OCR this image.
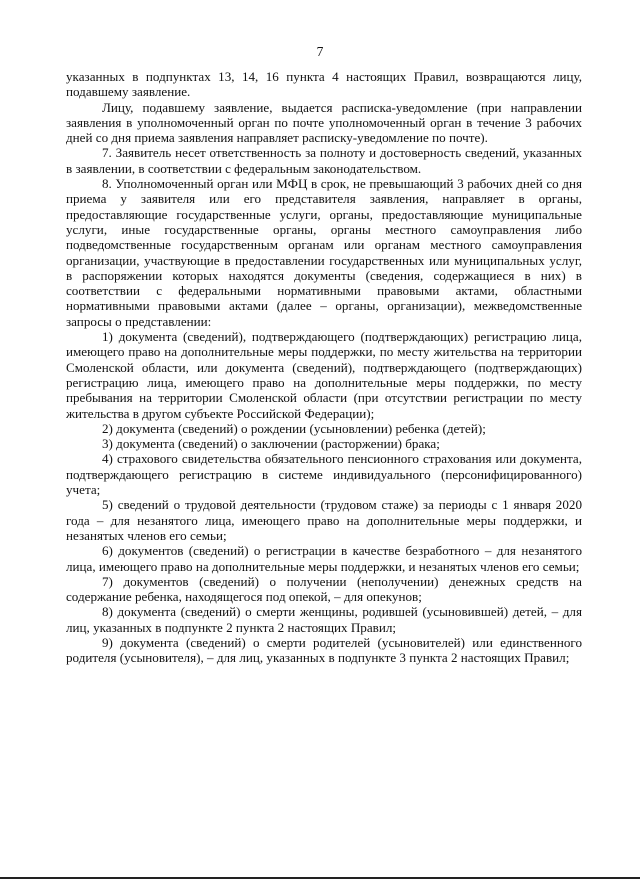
7

указанных в подпунктах 13, 14, 16 пункта 4 настоящих Правил, возвращаются лицу, подавшему заявление.

Лицу, подавшему заявление, выдается расписка-уведомление (при направлении заявления в уполномоченный орган по почте уполномоченный орган в течение 3 рабочих дней со дня приема заявления направляет расписку-уведомление по почте).

7. Заявитель несет ответственность за полноту и достоверность сведений, указанных в заявлении, в соответствии с федеральным законодательством.

8. Уполномоченный орган или МФЦ в срок, не превышающий 3 рабочих дней со дня приема у заявителя или его представителя заявления, направляет в органы, предоставляющие государственные услуги, органы, предоставляющие муниципальные услуги, иные государственные органы, органы местного самоуправления либо подведомственные государственным органам или органам местного самоуправления организации, участвующие в предоставлении государственных или муниципальных услуг, в распоряжении которых находятся документы (сведения, содержащиеся в них) в соответствии с федеральными нормативными правовыми актами, областными нормативными правовыми актами (далее – органы, организации), межведомственные запросы о представлении:

1) документа (сведений), подтверждающего (подтверждающих) регистрацию лица, имеющего право на дополнительные меры поддержки, по месту жительства на территории Смоленской области, или документа (сведений), подтверждающего (подтверждающих) регистрацию лица, имеющего право на дополнительные меры поддержки, по месту пребывания на территории Смоленской области (при отсутствии регистрации по месту жительства в другом субъекте Российской Федерации);

2) документа (сведений) о рождении (усыновлении) ребенка (детей);

3) документа (сведений) о заключении (расторжении) брака;

4) страхового свидетельства обязательного пенсионного страхования или документа, подтверждающего регистрацию в системе индивидуального (персонифицированного) учета;

5) сведений о трудовой деятельности (трудовом стаже) за периоды с 1 января 2020 года – для незанятого лица, имеющего право на дополнительные меры поддержки, и незанятых членов его семьи;

6) документов (сведений) о регистрации в качестве безработного – для незанятого лица, имеющего право на дополнительные меры поддержки, и незанятых членов его семьи;

7) документов (сведений) о получении (неполучении) денежных средств на содержание ребенка, находящегося под опекой, – для опекунов;

8) документа (сведений) о смерти женщины, родившей (усыновившей) детей, – для лиц, указанных в подпункте 2 пункта 2 настоящих Правил;

9) документа (сведений) о смерти родителей (усыновителей) или единственного родителя (усыновителя), – для лиц, указанных в подпункте 3 пункта 2 настоящих Правил;
